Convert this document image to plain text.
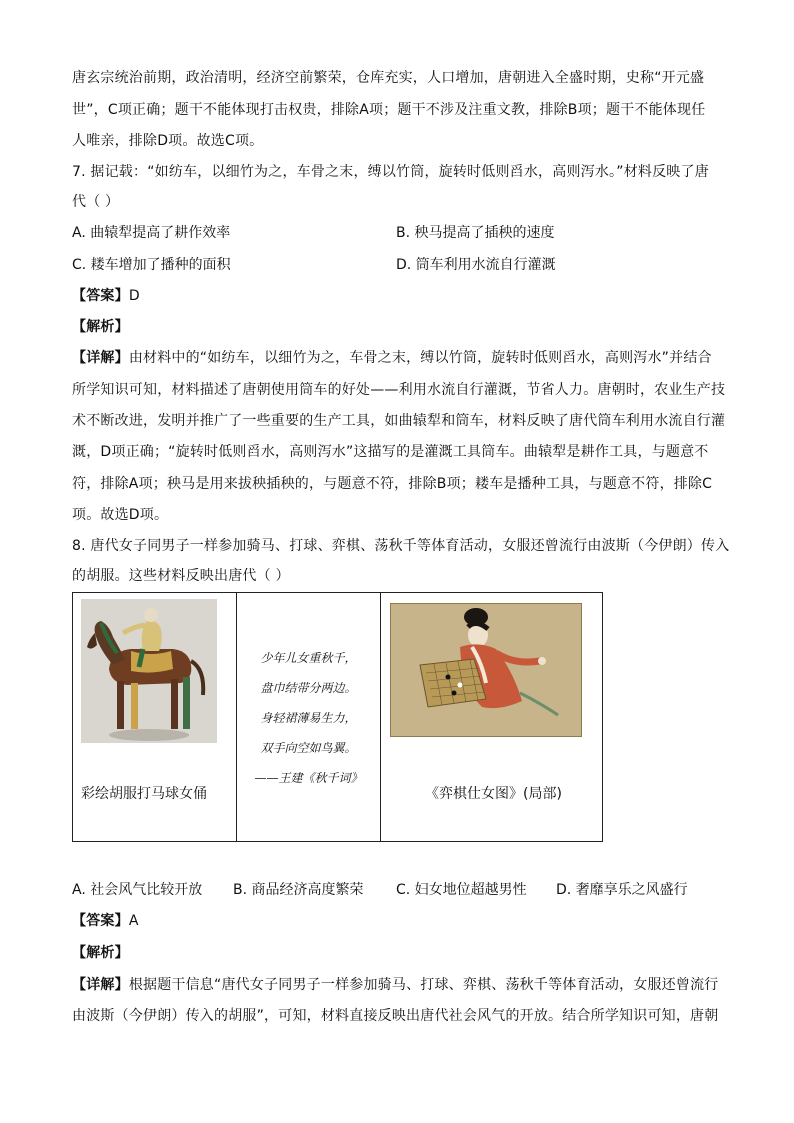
唐玄宗统治前期，政治清明，经济空前繁荣，仓库充实，人口增加，唐朝进入全盛时期，史称“开元盛
世”，C项正确；题干不能体现打击权贵，排除A项；题干不涉及注重文教，排除B项；题干不能体现任
人唯亲，排除D项。故选C项。
7. 据记载：“如纺车，以细竹为之，车骨之末，缚以竹筒，旋转时低则舀水，高则泻水。”材料反映了唐
代（ ）
A. 曲辕犁提高了耕作效率	B. 秧马提高了插秧的速度
C. 耧车增加了播种的面积	D. 筒车利用水流自行灌溉
【答案】D
【解析】
【详解】由材料中的“如纺车，以细竹为之，车骨之末，缚以竹筒，旋转时低则舀水，高则泻水”并结合
所学知识可知，材料描述了唐朝使用筒车的好处——利用水流自行灌溉，节省人力。唐朝时，农业生产技
术不断改进，发明并推广了一些重要的生产工具，如曲辕犁和筒车，材料反映了唐代筒车利用水流自行灌
溉，D项正确；“旋转时低则舀水，高则泻水”这描写的是灌溉工具筒车。曲辕犁是耕作工具，与题意不
符，排除A项；秧马是用来拔秧插秧的，与题意不符，排除B项；耧车是播种工具，与题意不符，排除C
项。故选D项。
8. 唐代女子同男子一样参加骑马、打球、弈棋、荡秋千等体育活动，女服还曾流行由波斯（今伊朗）传入
的胡服。这些材料反映出唐代（ ）
彩绘胡服打马球女俑

少年儿女重秋千，
盘巾结带分两边。
身轻裙薄易生力，
双手向空如鸟翼。
——王建《秋千词》

《弈棋仕女图》(局部)
A. 社会风气比较开放 B. 商品经济高度繁荣 C. 妇女地位超越男性 D. 奢靡享乐之风盛行
【答案】A
【解析】
【详解】根据题干信息“唐代女子同男子一样参加骑马、打球、弈棋、荡秋千等体育活动，女服还曾流行
由波斯（今伊朗）传入的胡服”，可知，材料直接反映出唐代社会风气的开放。结合所学知识可知，唐朝
